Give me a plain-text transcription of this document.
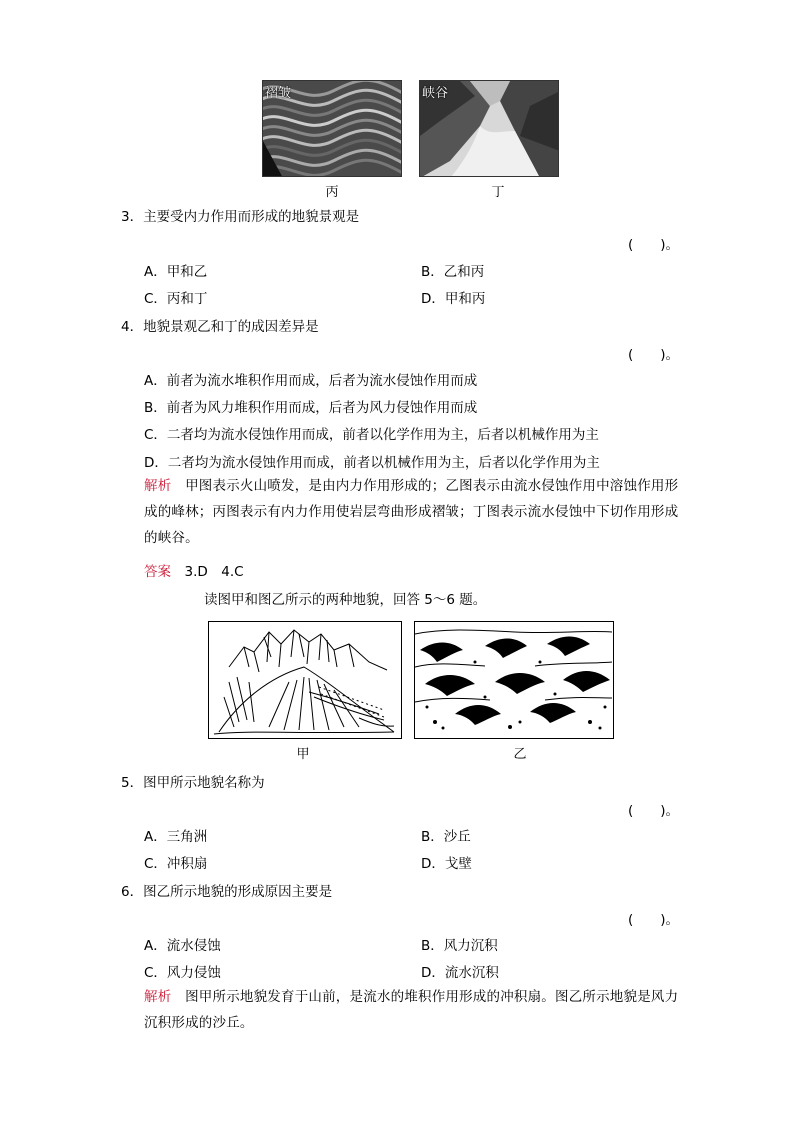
褶皱
丙
峡谷
丁
3．主要受内力作用而形成的地貌景观是
(　　)。
A．甲和乙	B．乙和丙
C．丙和丁	D．甲和丙
4．地貌景观乙和丁的成因差异是
(　　)。
A．前者为流水堆积作用而成，后者为流水侵蚀作用而成
B．前者为风力堆积作用而成，后者为风力侵蚀作用而成
C．二者均为流水侵蚀作用而成，前者以化学作用为主，后者以机械作用为主
D．二者均为流水侵蚀作用而成，前者以机械作用为主，后者以化学作用为主
解析　 甲图表示火山喷发，是由内力作用形成的；乙图表示由流水侵蚀作用中溶蚀作用形
成的峰林；丙图表示有内力作用使岩层弯曲形成褶皱；丁图表示流水侵蚀中下切作用形成
的峡谷。
答案　 3.D　4.C
读图甲和图乙所示的两种地貌，回答 5～6 题。
甲	乙
5．图甲所示地貌名称为
(　　)。
A．三角洲	B．沙丘
C．冲积扇	D．戈壁
6．图乙所示地貌的形成原因主要是
(　　)。
A．流水侵蚀	B．风力沉积
C．风力侵蚀	D．流水沉积
解析　 图甲所示地貌发育于山前，是流水的堆积作用形成的冲积扇。图乙所示地貌是风力
沉积形成的沙丘。
